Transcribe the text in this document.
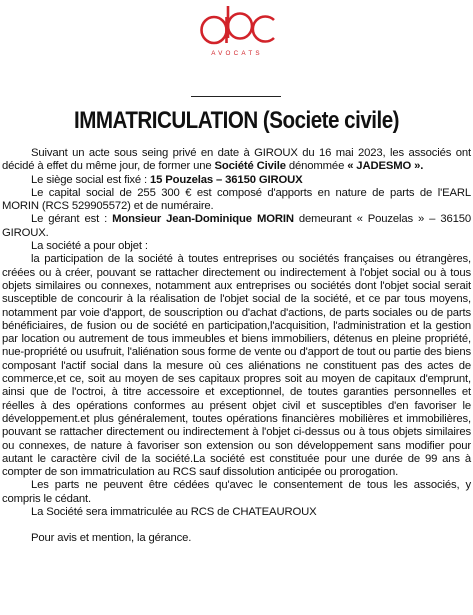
AVOCATS
IMMATRICULATION (Societe civile)

Suivant un acte sous seing privé en date à GIROUX du 16 mai 2023, les associés ont décidé à effet du même jour, de former une Société Civile dénommée « JADESMO ».

Le siège social est fixé : 15 Pouzelas – 36150 GIROUX

Le capital social de 255 300 € est composé d'apports en nature de parts de l'EARL MORIN (RCS 529905572) et de numéraire.

Le gérant est : Monsieur Jean-Dominique MORIN demeurant « Pouzelas » – 36150 GIROUX.

La société a pour objet :

la participation de la société à toutes entreprises ou sociétés françaises ou étrangères, créées ou à créer, pouvant se rattacher directement ou indirectement à l'objet social ou à tous objets similaires ou connexes, notamment aux entreprises ou sociétés dont l'objet social serait susceptible de concourir à la réalisation de l'objet social de la société, et ce par tous moyens, notamment par voie d'apport, de souscription ou d'achat d'actions, de parts sociales ou de parts bénéficiaires, de fusion ou de société en participation,l'acquisition, l'administration et la gestion par location ou autrement de tous immeubles et biens immobiliers, détenus en pleine propriété, nue-propriété ou usufruit, l'aliénation sous forme de vente ou d'apport de tout ou partie des biens composant l'actif social dans la mesure où ces aliénations ne constituent pas des actes de commerce,et ce, soit au moyen de ses capitaux propres soit au moyen de capitaux d'emprunt, ainsi que de l'octroi, à titre accessoire et exceptionnel, de toutes garanties personnelles et réelles à des opérations conformes au présent objet civil et susceptibles d'en favoriser le développement.et plus généralement, toutes opérations financières mobilières et immobilières, pouvant se rattacher directement ou indirectement à l'objet ci-dessus ou à tous objets similaires ou connexes, de nature à favoriser son extension ou son développement sans modifier pour autant le caractère civil de la société.La société est constituée pour une durée de 99 ans à compter de son immatriculation au RCS sauf dissolution anticipée ou prorogation.

Les parts ne peuvent être cédées qu'avec le consentement de tous les associés, y compris le cédant.

La Société sera immatriculée au RCS de CHATEAUROUX

Pour avis et mention, la gérance.
